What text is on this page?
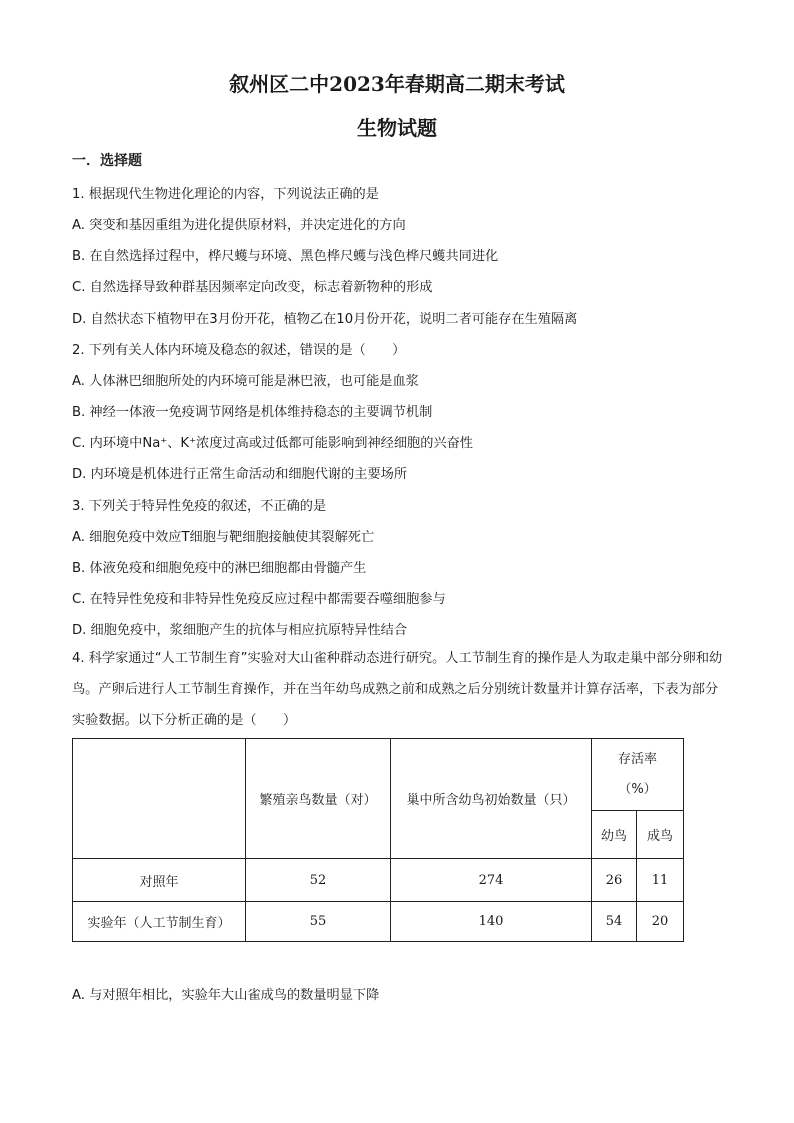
叙州区二中2023年春期高二期末考试
生物试题
一．选择题
1. 根据现代生物进化理论的内容，下列说法正确的是
A. 突变和基因重组为进化提供原材料，并决定进化的方向
B. 在自然选择过程中，桦尺蠖与环境、黑色桦尺蠖与浅色桦尺蠖共同进化
C. 自然选择导致种群基因频率定向改变，标志着新物种的形成
D. 自然状态下植物甲在3月份开花，植物乙在10月份开花，说明二者可能存在生殖隔离
2. 下列有关人体内环境及稳态的叙述，错误的是（　　）
A. 人体淋巴细胞所处的内环境可能是淋巴液，也可能是血浆
B. 神经一体液一免疫调节网络是机体维持稳态的主要调节机制
C. 内环境中Na⁺、K⁺浓度过高或过低都可能影响到神经细胞的兴奋性
D. 内环境是机体进行正常生命活动和细胞代谢的主要场所
3. 下列关于特异性免疫的叙述，不正确的是
A. 细胞免疫中效应T细胞与靶细胞接触使其裂解死亡
B. 体液免疫和细胞免疫中的淋巴细胞都由骨髓产生
C. 在特异性免疫和非特异性免疫反应过程中都需要吞噬细胞参与
D. 细胞免疫中，浆细胞产生的抗体与相应抗原特异性结合
4. 科学家通过“人工节制生育”实验对大山雀种群动态进行研究。人工节制生育的操作是人为取走巢中部分卵和幼鸟。产卵后进行人工节制生育操作，并在当年幼鸟成熟之前和成熟之后分别统计数量并计算存活率，下表为部分实验数据。以下分析正确的是（　　）
	繁殖亲鸟数量（对）	巢中所含幼鸟初始数量（只）	存活率
（%）	
			幼鸟	成鸟
对照年	52	274	26	11
实验年（人工节制生育）	55	140	54	20
A. 与对照年相比，实验年大山雀成鸟的数量明显下降
